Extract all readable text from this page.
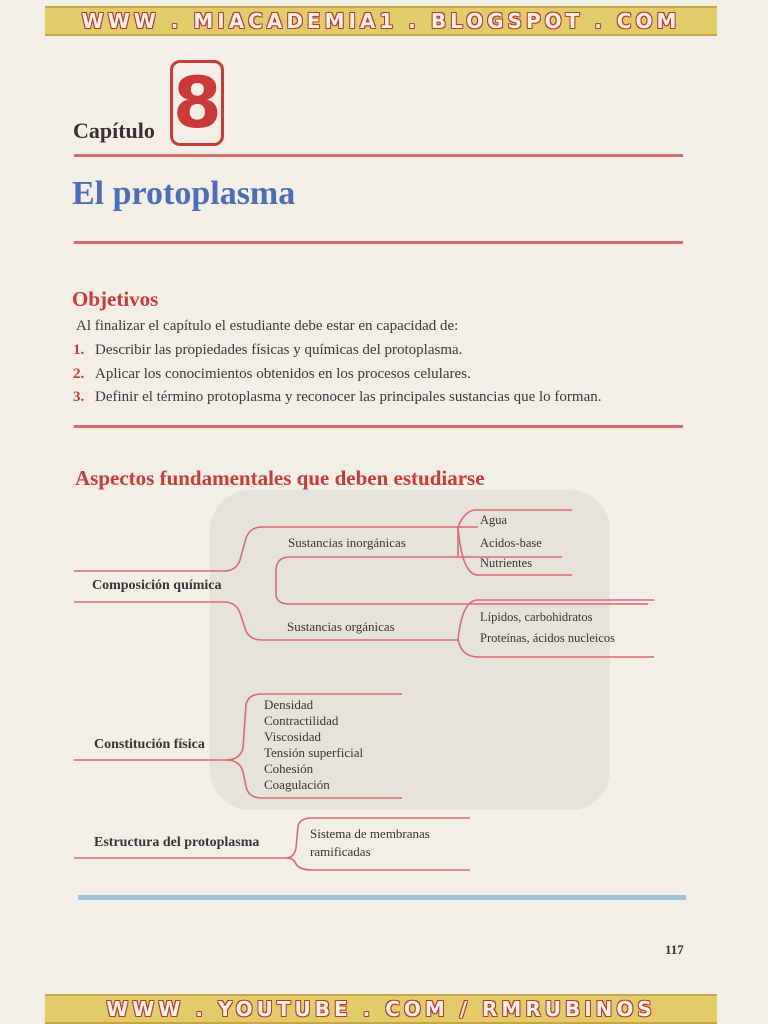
WWW . MIACADEMIA1 . BLOGSPOT . COM
Capítulo 8
El protoplasma
Objetivos
Al finalizar el capítulo el estudiante debe estar en capacidad de:
1. Describir las propiedades físicas y químicas del protoplasma.
2. Aplicar los conocimientos obtenidos en los procesos celulares.
3. Definir el término protoplasma y reconocer las principales sustancias que lo forman.
Aspectos fundamentales que deben estudiarse
Composición química
Sustancias inorgánicas
Agua
Acidos-base
Nutrientes
Sustancias orgánicas
Lípidos, carbohidratos
Proteínas, ácidos nucleicos
Constitución física
Densidad
Contractilidad
Viscosidad
Tensión superficial
Cohesión
Coagulación
Estructura del protoplasma
Sistema de membranas
ramificadas
117
WWW . YOUTUBE . COM / RMRUBINOS
